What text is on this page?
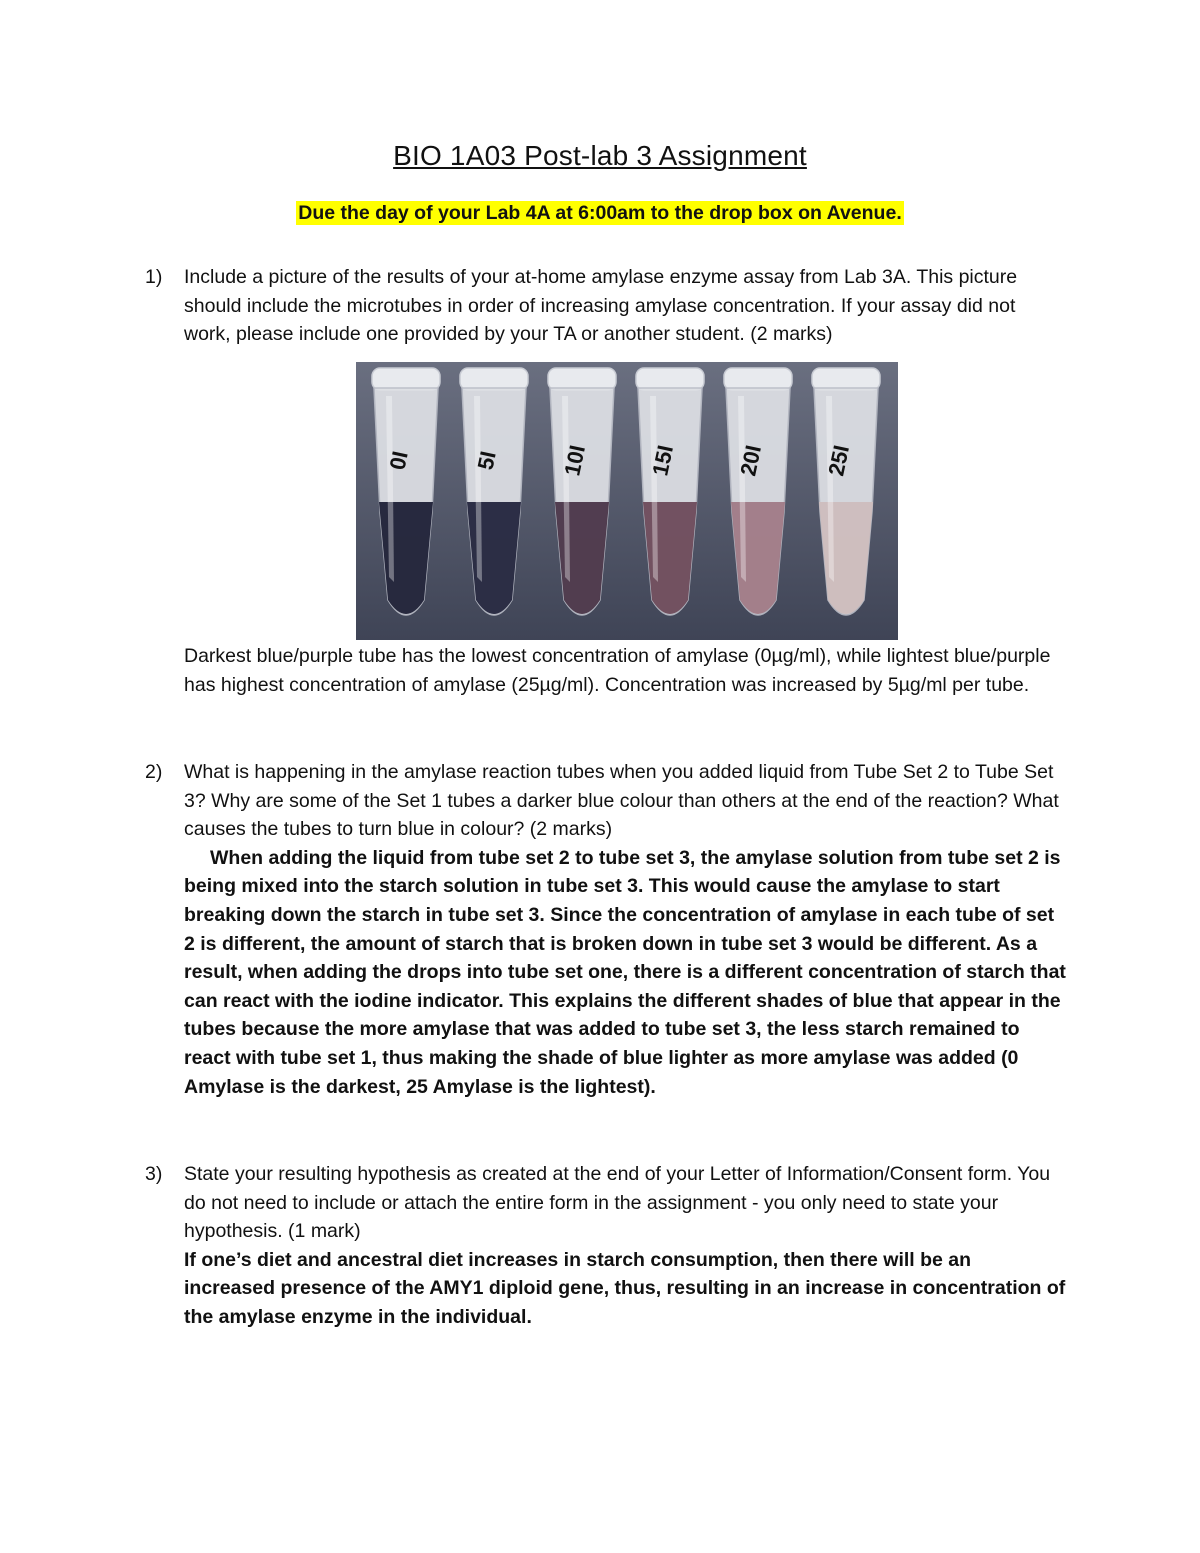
BIO 1A03 Post-lab 3 Assignment
Due the day of your Lab 4A at 6:00am to the drop box on Avenue.
1) Include a picture of the results of your at-home amylase enzyme assay from Lab 3A. This picture should include the microtubes in order of increasing amylase concentration. If your assay did not work, please include one provided by your TA or another student. (2 marks)
0I	5I	10I	15I	20I	25I
Darkest blue/purple tube has the lowest concentration of amylase (0µg/ml), while lightest blue/purple has highest concentration of amylase (25µg/ml). Concentration was increased by 5µg/ml per tube.
2) What is happening in the amylase reaction tubes when you added liquid from Tube Set 2 to Tube Set 3? Why are some of the Set 1 tubes a darker blue colour than others at the end of the reaction? What causes the tubes to turn blue in colour? (2 marks)
When adding the liquid from tube set 2 to tube set 3, the amylase solution from tube set 2 is being mixed into the starch solution in tube set 3. This would cause the amylase to start breaking down the starch in tube set 3. Since the concentration of amylase in each tube of set 2 is different, the amount of starch that is broken down in tube set 3 would be different. As a result, when adding the drops into tube set one, there is a different concentration of starch that can react with the iodine indicator. This explains the different shades of blue that appear in the tubes because the more amylase that was added to tube set 3, the less starch remained to react with tube set 1, thus making the shade of blue lighter as more amylase was added (0 Amylase is the darkest, 25 Amylase is the lightest).
3) State your resulting hypothesis as created at the end of your Letter of Information/Consent form. You do not need to include or attach the entire form in the assignment - you only need to state your hypothesis. (1 mark)
If one’s diet and ancestral diet increases in starch consumption, then there will be an increased presence of the AMY1 diploid gene, thus, resulting in an increase in concentration of the amylase enzyme in the individual.
